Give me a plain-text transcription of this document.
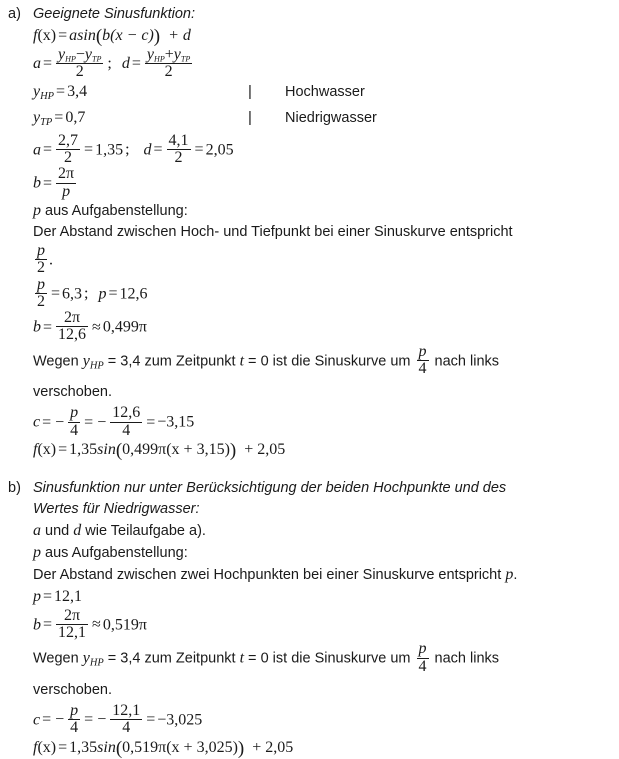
a) Geeignete Sinusfunktion:
f(x) = asin(b(x − c)) + d
$a = \frac{y_{HP}-y_{TP}}{2}$ ; $d = \frac{y_{HP}+y_{TP}}{2}$
$y_{HP} = 3,4$	|	Hochwasser
$y_{TP} = 0,7$	|	Niedrigwasser
$a = \frac{2,7}{2} = 1,35$ ; $d = \frac{4,1}{2} = 2,05$
$b = \frac{2\pi}{p}$
p aus Aufgabenstellung:
Der Abstand zwischen Hoch- und Tiefpunkt bei einer Sinuskurve entspricht
$\frac{p}{2}$ .
$\frac{p}{2} = 6,3$ ; p = 12,6
$b = \frac{2\pi}{12,6} \approx 0,499\pi$
Wegen $y_{HP} = 3,4$ zum Zeitpunkt t = 0 ist die Sinuskurve um $\frac{p}{4}$ nach links
verschoben.
c = − $\frac{p}{4}$ = − $\frac{12,6}{4} = -3,15$
f(x) = 1,35sin(0,499π(x + 3,15)) + 2,05
b) Sinusfunktion nur unter Berücksichtigung der beiden Hochpunkte und des
Wertes für Niedrigwasser:
a und d wie Teilaufgabe a).
p aus Aufgabenstellung:
Der Abstand zwischen zwei Hochpunkten bei einer Sinuskurve entspricht p.
p = 12,1
$b = \frac{2\pi}{12,1} \approx 0,519\pi$
Wegen $y_{HP} = 3,4$ zum Zeitpunkt t = 0 ist die Sinuskurve um $\frac{p}{4}$ nach links
verschoben.
c = − $\frac{p}{4}$ = − $\frac{12,1}{4} = -3,025$
f(x) = 1,35sin(0,519π(x + 3,025)) + 2,05
